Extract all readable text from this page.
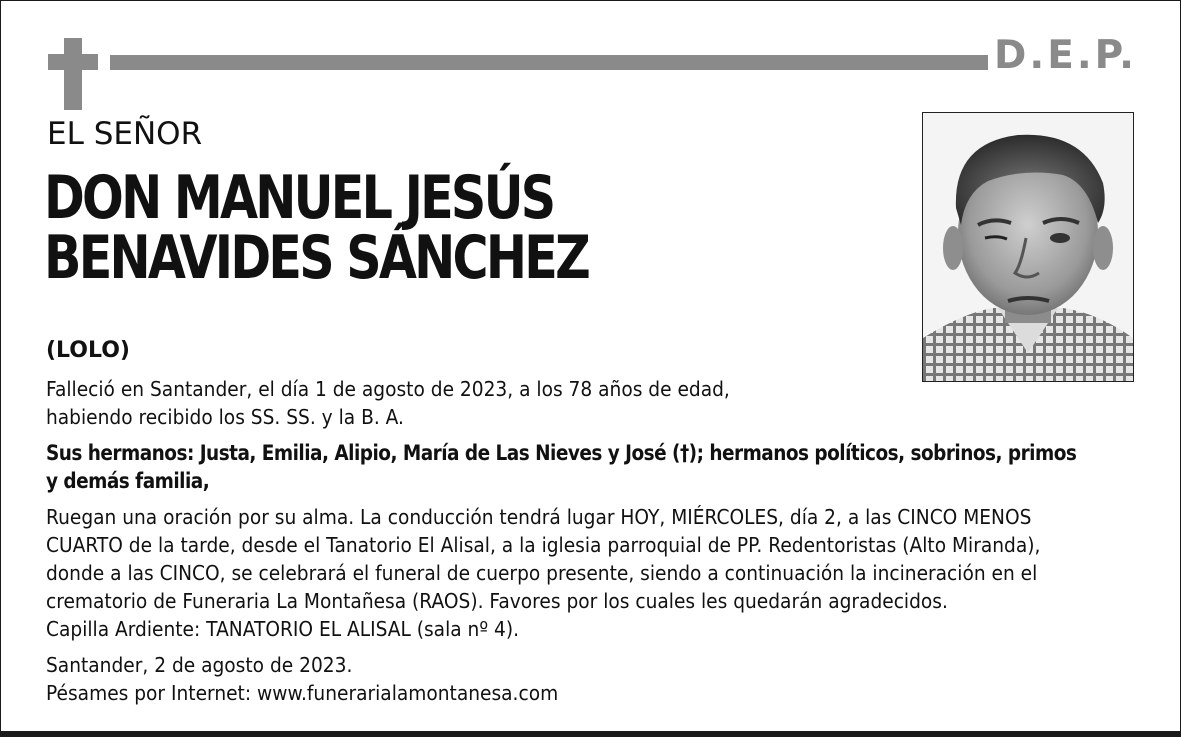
D.E.P.
EL SEÑOR
DON MANUEL JESÚS
BENAVIDES SÁNCHEZ
(LOLO)
Falleció en Santander, el día 1 de agosto de 2023, a los 78 años de edad,
habiendo recibido los SS. SS. y la B. A.
Sus hermanos: Justa, Emilia, Alipio, María de Las Nieves y José (†); hermanos políticos, sobrinos, primos
y demás familia,
Ruegan una oración por su alma. La conducción tendrá lugar HOY, MIÉRCOLES, día 2, a las CINCO MENOS
CUARTO de la tarde, desde el Tanatorio El Alisal, a la iglesia parroquial de PP. Redentoristas (Alto Miranda),
donde a las CINCO, se celebrará el funeral de cuerpo presente, siendo a continuación la incineración en el
crematorio de Funeraria La Montañesa (RAOS). Favores por los cuales les quedarán agradecidos.
Capilla Ardiente: TANATORIO EL ALISAL (sala nº 4).
Santander, 2 de agosto de 2023.
Pésames por Internet: www.funerarialamontanesa.com
